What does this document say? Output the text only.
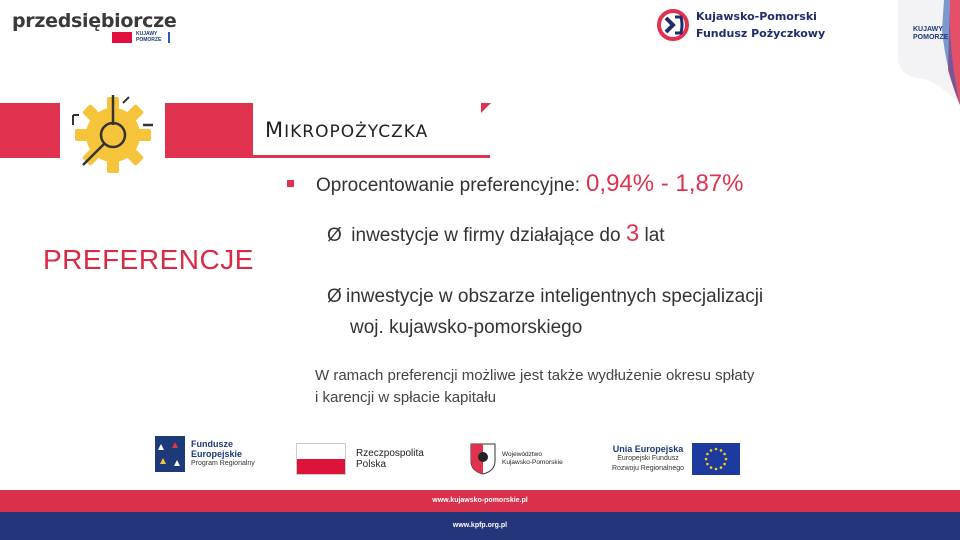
przedsiębiorcze
KUJAWY POMORZE
Kujawsko-Pomorski
Fundusz Pożyczkowy	KUJAWY POMORZE
MIKROPOŻYCZKA
PREFERENCJE
Oprocentowanie preferencyjne: 0,94% - 1,87%
Ø inwestycje w firmy działające do 3 lat
Ø inwestycje w obszarze inteligentnych specjalizacji
woj. kujawsko-pomorskiego
W ramach preferencji możliwe jest także wydłużenie okresu spłaty
i karencji w spłacie kapitału
Fundusze
Europejskie
Program Regionalny
Rzeczpospolita
Polska
Województwo
Kujawsko-Pomorskie
Unia Europejska
Europejski Fundusz
Rozwoju Regionalnego
www.kujawsko-pomorskie.pl
www.kpfp.org.pl
